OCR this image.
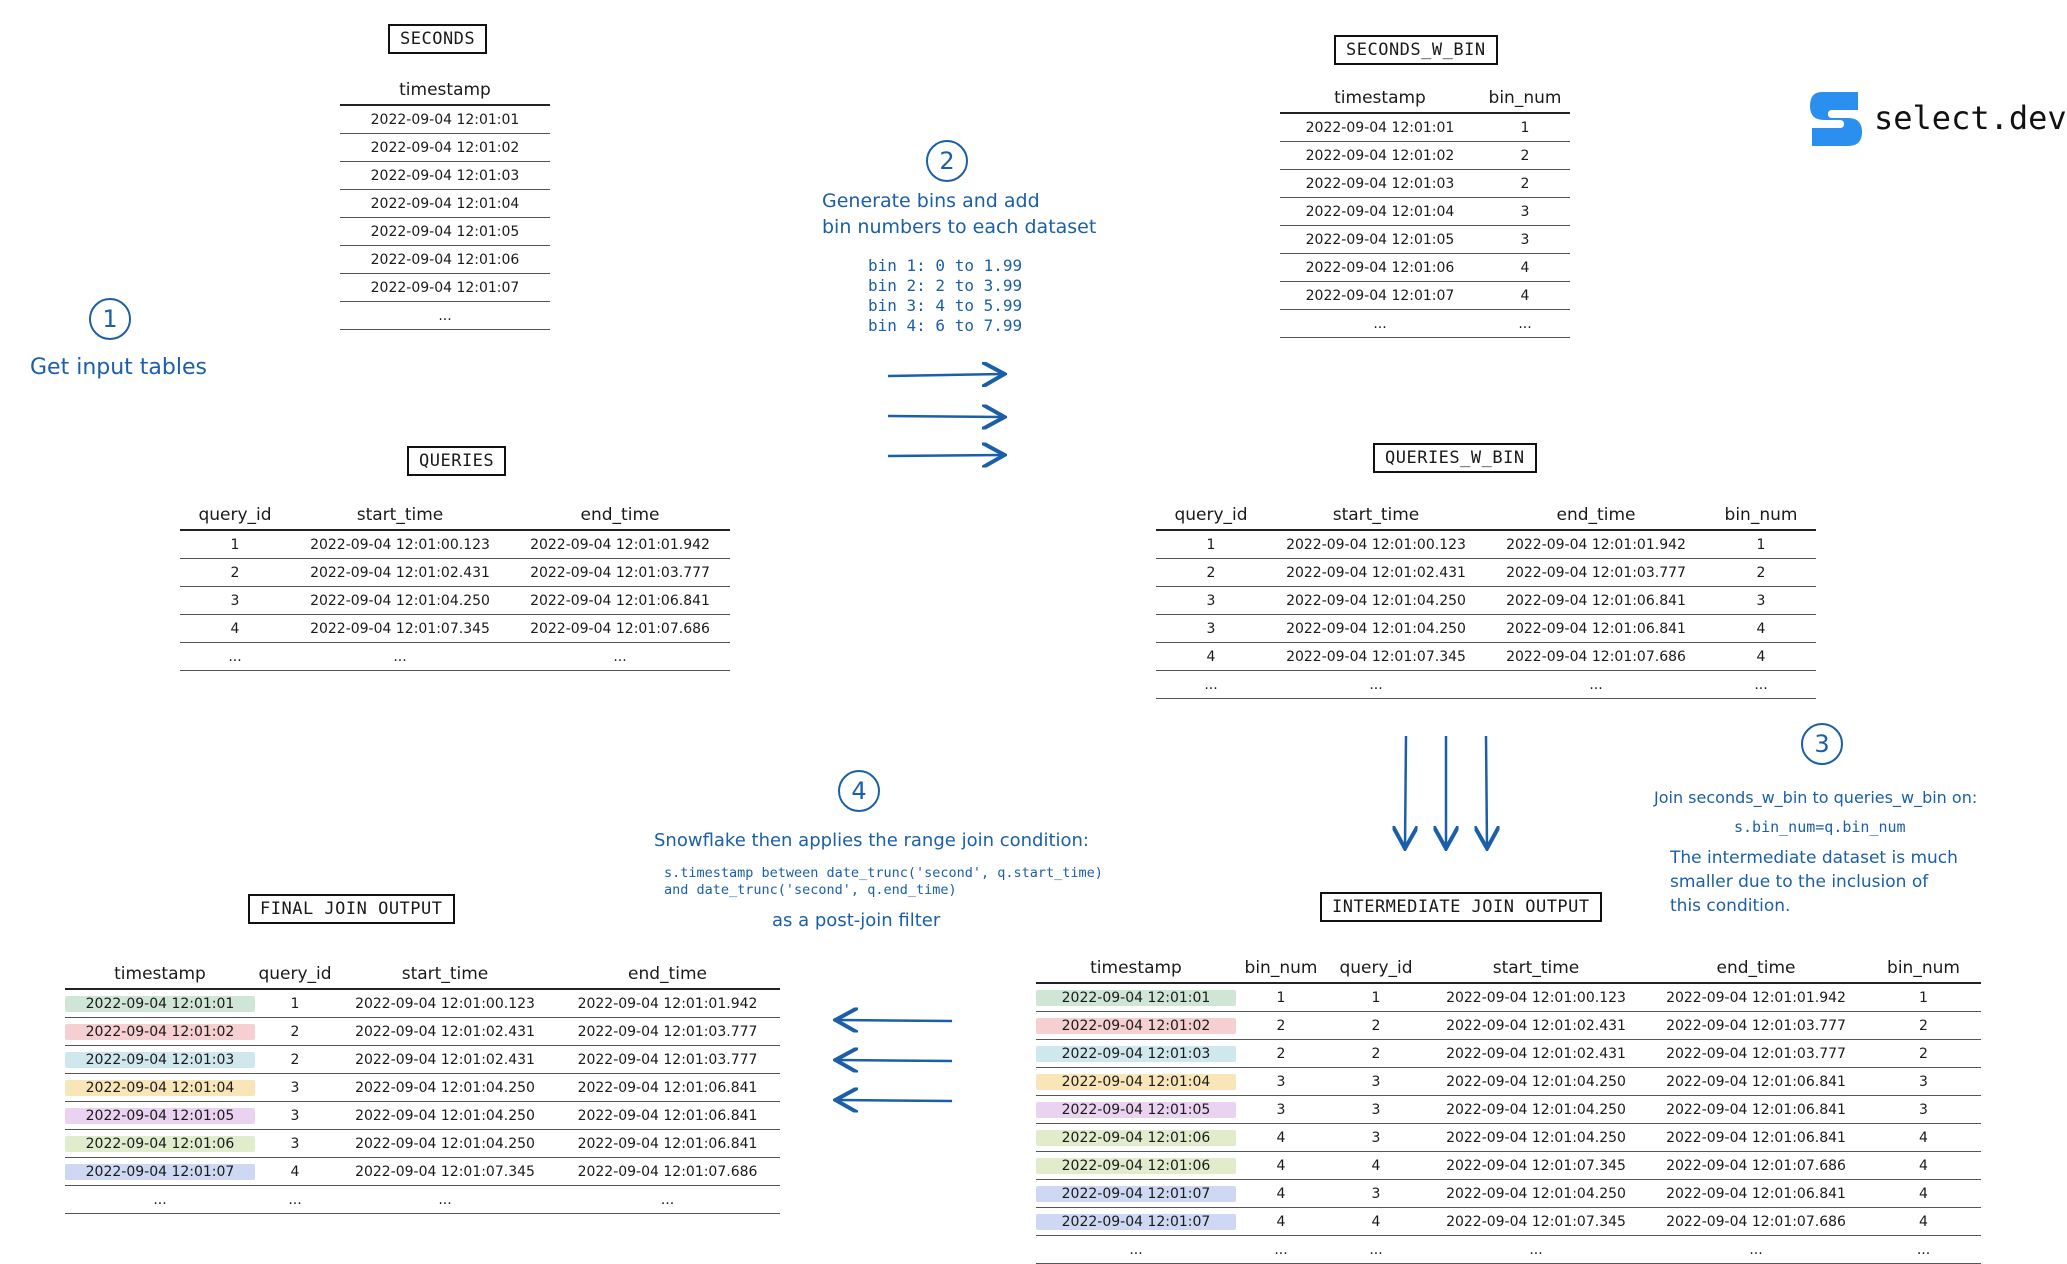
SECONDS
SECONDS_W_BIN
QUERIES	QUERIES_W_BIN
FINAL JOIN OUTPUT	INTERMEDIATE JOIN OUTPUT
timestamp
2022-09-04 12:01:01
2022-09-04 12:01:02
2022-09-04 12:01:03
2022-09-04 12:01:04
2022-09-04 12:01:05
2022-09-04 12:01:06
2022-09-04 12:01:07
...
timestamp	bin_num
2022-09-04 12:01:01	1
2022-09-04 12:01:02	2
2022-09-04 12:01:03	2
2022-09-04 12:01:04	3
2022-09-04 12:01:05	3
2022-09-04 12:01:06	4
2022-09-04 12:01:07	4
...	...
query_id	start_time	end_time
1	2022-09-04 12:01:00.123	2022-09-04 12:01:01.942
2	2022-09-04 12:01:02.431	2022-09-04 12:01:03.777
3	2022-09-04 12:01:04.250	2022-09-04 12:01:06.841
4	2022-09-04 12:01:07.345	2022-09-04 12:01:07.686
...	...	...
query_id	start_time	end_time	bin_num
1	2022-09-04 12:01:00.123	2022-09-04 12:01:01.942	1
2	2022-09-04 12:01:02.431	2022-09-04 12:01:03.777	2
3	2022-09-04 12:01:04.250	2022-09-04 12:01:06.841	3
3	2022-09-04 12:01:04.250	2022-09-04 12:01:06.841	4
4	2022-09-04 12:01:07.345	2022-09-04 12:01:07.686	4
...	...	...	...
timestamp	query_id	start_time	end_time
2022-09-04 12:01:01	1	2022-09-04 12:01:00.123	2022-09-04 12:01:01.942
2022-09-04 12:01:02	2	2022-09-04 12:01:02.431	2022-09-04 12:01:03.777
2022-09-04 12:01:03	2	2022-09-04 12:01:02.431	2022-09-04 12:01:03.777
2022-09-04 12:01:04	3	2022-09-04 12:01:04.250	2022-09-04 12:01:06.841
2022-09-04 12:01:05	3	2022-09-04 12:01:04.250	2022-09-04 12:01:06.841
2022-09-04 12:01:06	3	2022-09-04 12:01:04.250	2022-09-04 12:01:06.841
2022-09-04 12:01:07	4	2022-09-04 12:01:07.345	2022-09-04 12:01:07.686
...	...	...	...
timestamp	bin_num	query_id	start_time	end_time	bin_num
2022-09-04 12:01:01	1	1	2022-09-04 12:01:00.123	2022-09-04 12:01:01.942	1
2022-09-04 12:01:02	2	2	2022-09-04 12:01:02.431	2022-09-04 12:01:03.777	2
2022-09-04 12:01:03	2	2	2022-09-04 12:01:02.431	2022-09-04 12:01:03.777	2
2022-09-04 12:01:04	3	3	2022-09-04 12:01:04.250	2022-09-04 12:01:06.841	3
2022-09-04 12:01:05	3	3	2022-09-04 12:01:04.250	2022-09-04 12:01:06.841	3
2022-09-04 12:01:06	4	3	2022-09-04 12:01:04.250	2022-09-04 12:01:06.841	4
2022-09-04 12:01:06	4	4	2022-09-04 12:01:07.345	2022-09-04 12:01:07.686	4
2022-09-04 12:01:07	4	3	2022-09-04 12:01:04.250	2022-09-04 12:01:06.841	4
2022-09-04 12:01:07	4	4	2022-09-04 12:01:07.345	2022-09-04 12:01:07.686	4
...	...	...	...	...	...
1
Get input tables
2
Generate bins and add
bin numbers to each dataset
bin 1: 0 to 1.99
bin 2: 2 to 3.99
bin 3: 4 to 5.99
bin 4: 6 to 7.99
3
Join seconds_w_bin to queries_w_bin on:
s.bin_num=q.bin_num
The intermediate dataset is much
smaller due to the inclusion of
this condition.
4
Snowflake then applies the range join condition:
s.timestamp between date_trunc('second', q.start_time)
and date_trunc('second', q.end_time)
as a post-join filter
select.dev
